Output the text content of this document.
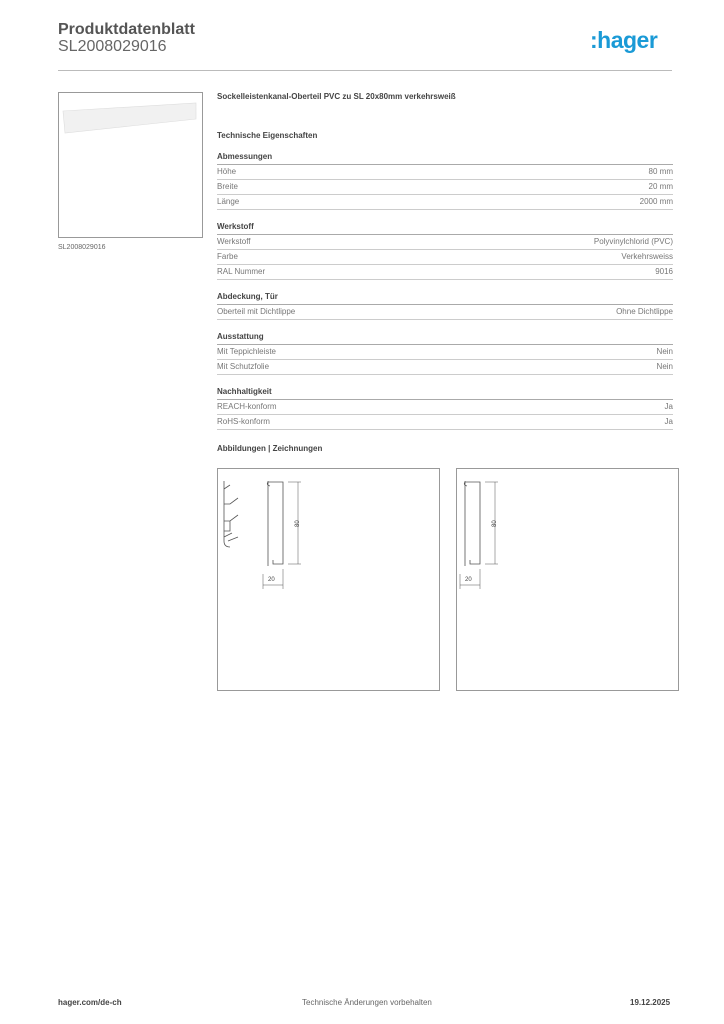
Produktdatenblatt
SL2008029016	:hager
SL2008029016
Sockelleistenkanal-Oberteil PVC zu SL 20x80mm verkehrsweiß
Technische Eigenschaften
Abmessungen
Höhe	80 mm
Breite	20 mm
Länge	2000 mm
Werkstoff
Werkstoff	Polyvinylchlorid (PVC)
Farbe	Verkehrsweiss
RAL Nummer	9016
Abdeckung, Tür
Oberteil mit Dichtlippe	Ohne Dichtlippe
Ausstattung
Mit Teppichleiste	Nein
Mit Schutzfolie	Nein
Nachhaltigkeit
REACH-konform	Ja
RoHS-konform	Ja
Abbildungen | Zeichnungen
80
20
80
20
hager.com/de-ch	Technische Änderungen vorbehalten	19.12.2025
